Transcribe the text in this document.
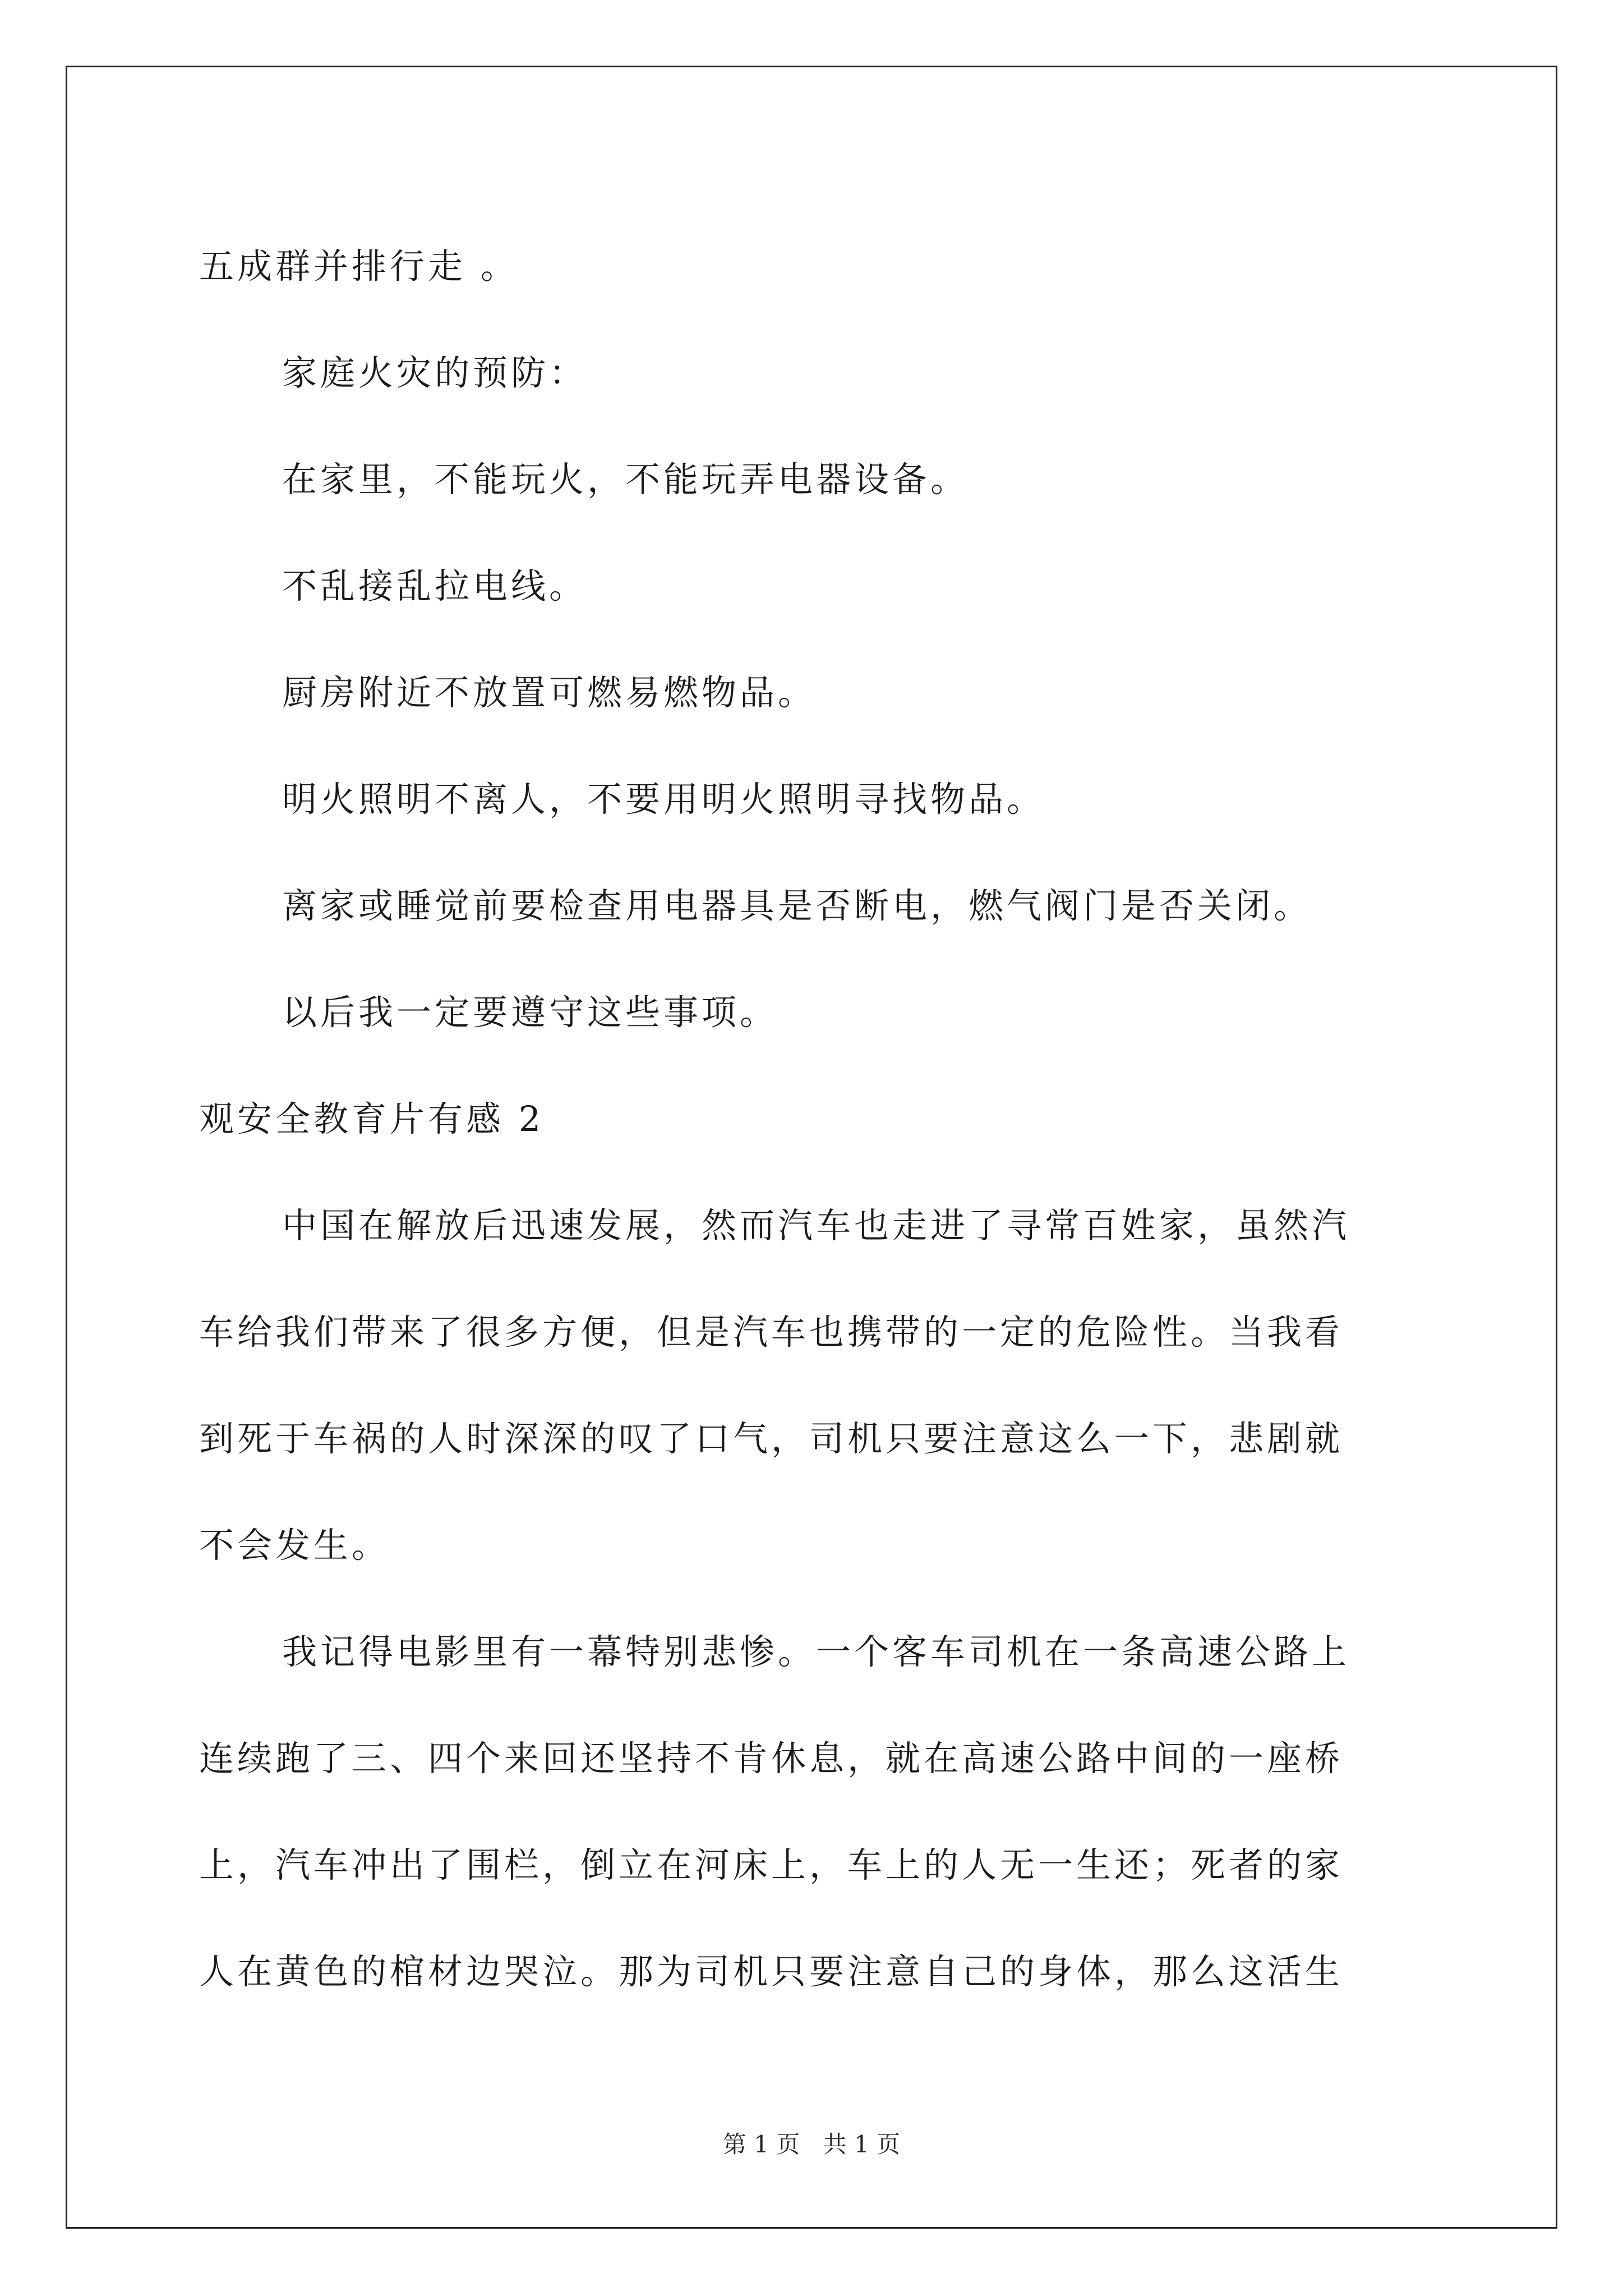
五成群并排行走 。
家庭火灾的预防：
在家里，不能玩火，不能玩弄电器设备。
不乱接乱拉电线。
厨房附近不放置可燃易燃物品。
明火照明不离人，不要用明火照明寻找物品。
离家或睡觉前要检查用电器具是否断电，燃气阀门是否关闭。
以后我一定要遵守这些事项。
观安全教育片有感 2
中国在解放后迅速发展，然而汽车也走进了寻常百姓家，虽然汽
车给我们带来了很多方便，但是汽车也携带的一定的危险性。当我看
到死于车祸的人时深深的叹了口气，司机只要注意这么一下，悲剧就
不会发生。
我记得电影里有一幕特别悲惨。一个客车司机在一条高速公路上
连续跑了三、四个来回还坚持不肯休息，就在高速公路中间的一座桥
上，汽车冲出了围栏，倒立在河床上，车上的人无一生还；死者的家
人在黄色的棺材边哭泣。那为司机只要注意自己的身体，那么这活生
第 1 页 共 1 页
